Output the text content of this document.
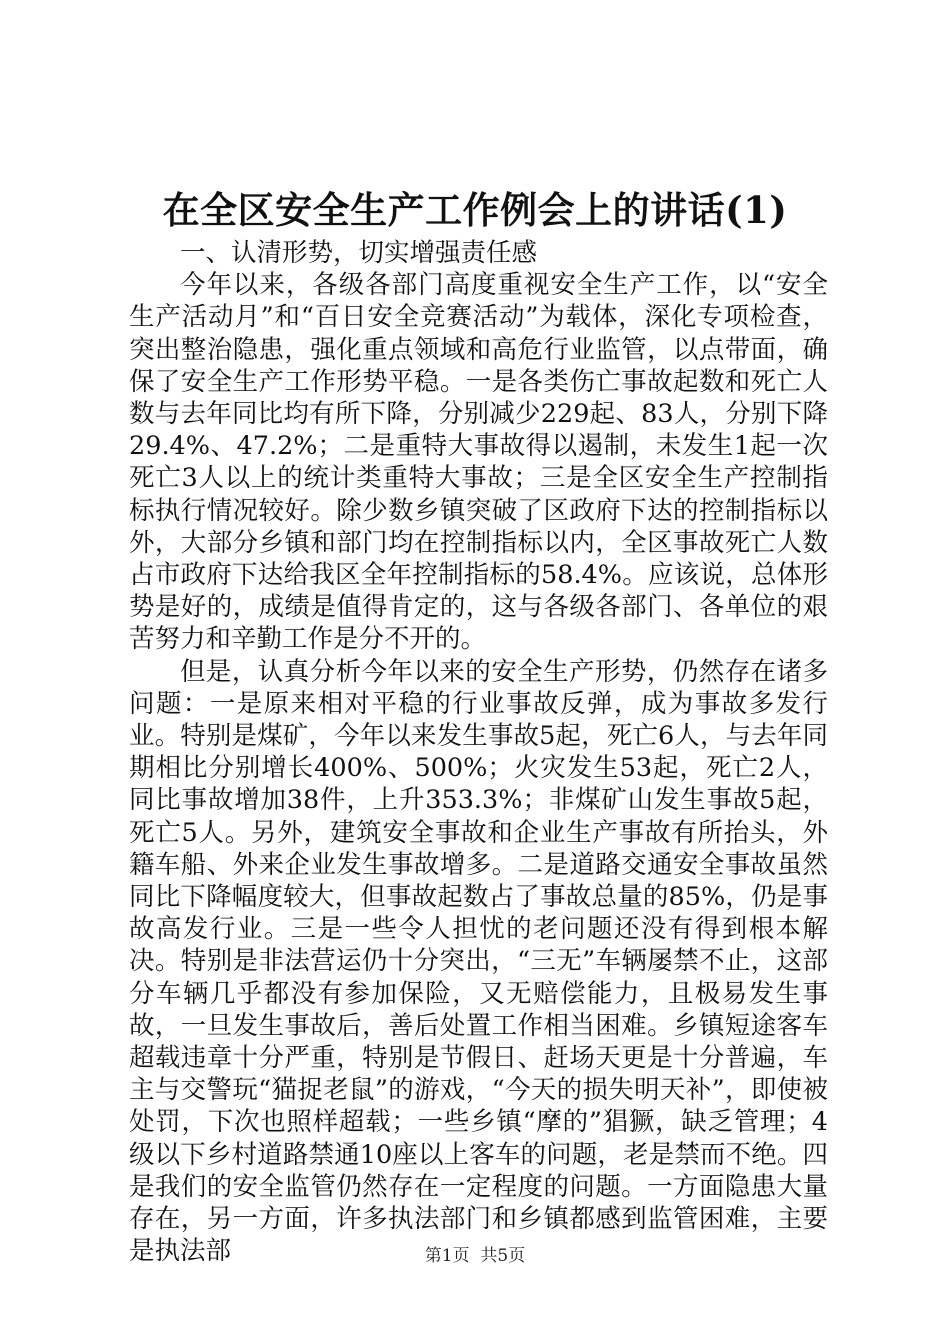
在全区安全生产工作例会上的讲话(1)

一、认清形势，切实增强责任感

今年以来，各级各部门高度重视安全生产工作，以“安全生产活动月”和“百日安全竞赛活动”为载体，深化专项检查，突出整治隐患，强化重点领域和高危行业监管，以点带面，确保了安全生产工作形势平稳。一是各类伤亡事故起数和死亡人数与去年同比均有所下降，分别减少229起、83人，分别下降29.4%、47.2%；二是重特大事故得以遏制，未发生1起一次死亡3人以上的统计类重特大事故；三是全区安全生产控制指标执行情况较好。除少数乡镇突破了区政府下达的控制指标以外，大部分乡镇和部门均在控制指标以内，全区事故死亡人数占市政府下达给我区全年控制指标的58.4%。应该说，总体形势是好的，成绩是值得肯定的，这与各级各部门、各单位的艰苦努力和辛勤工作是分不开的。

但是，认真分析今年以来的安全生产形势，仍然存在诸多问题：一是原来相对平稳的行业事故反弹，成为事故多发行业。特别是煤矿，今年以来发生事故5起，死亡6人，与去年同期相比分别增长400%、500%；火灾发生53起，死亡2人，同比事故增加38件，上升353.3%；非煤矿山发生事故5起，死亡5人。另外，建筑安全事故和企业生产事故有所抬头，外籍车船、外来企业发生事故增多。二是道路交通安全事故虽然同比下降幅度较大，但事故起数占了事故总量的85%，仍是事故高发行业。三是一些令人担忧的老问题还没有得到根本解决。特别是非法营运仍十分突出，“三无”车辆屡禁不止，这部分车辆几乎都没有参加保险，又无赔偿能力，且极易发生事故，一旦发生事故后，善后处置工作相当困难。乡镇短途客车超载违章十分严重，特别是节假日、赶场天更是十分普遍，车主与交警玩“猫捉老鼠”的游戏，“今天的损失明天补”，即使被处罚，下次也照样超载；一些乡镇“摩的”猖獗，缺乏管理；4级以下乡村道路禁通10座以上客车的问题，老是禁而不绝。四是我们的安全监管仍然存在一定程度的问题。一方面隐患大量存在，另一方面，许多执法部门和乡镇都感到监管困难，主要是执法部	第1页 共5页
